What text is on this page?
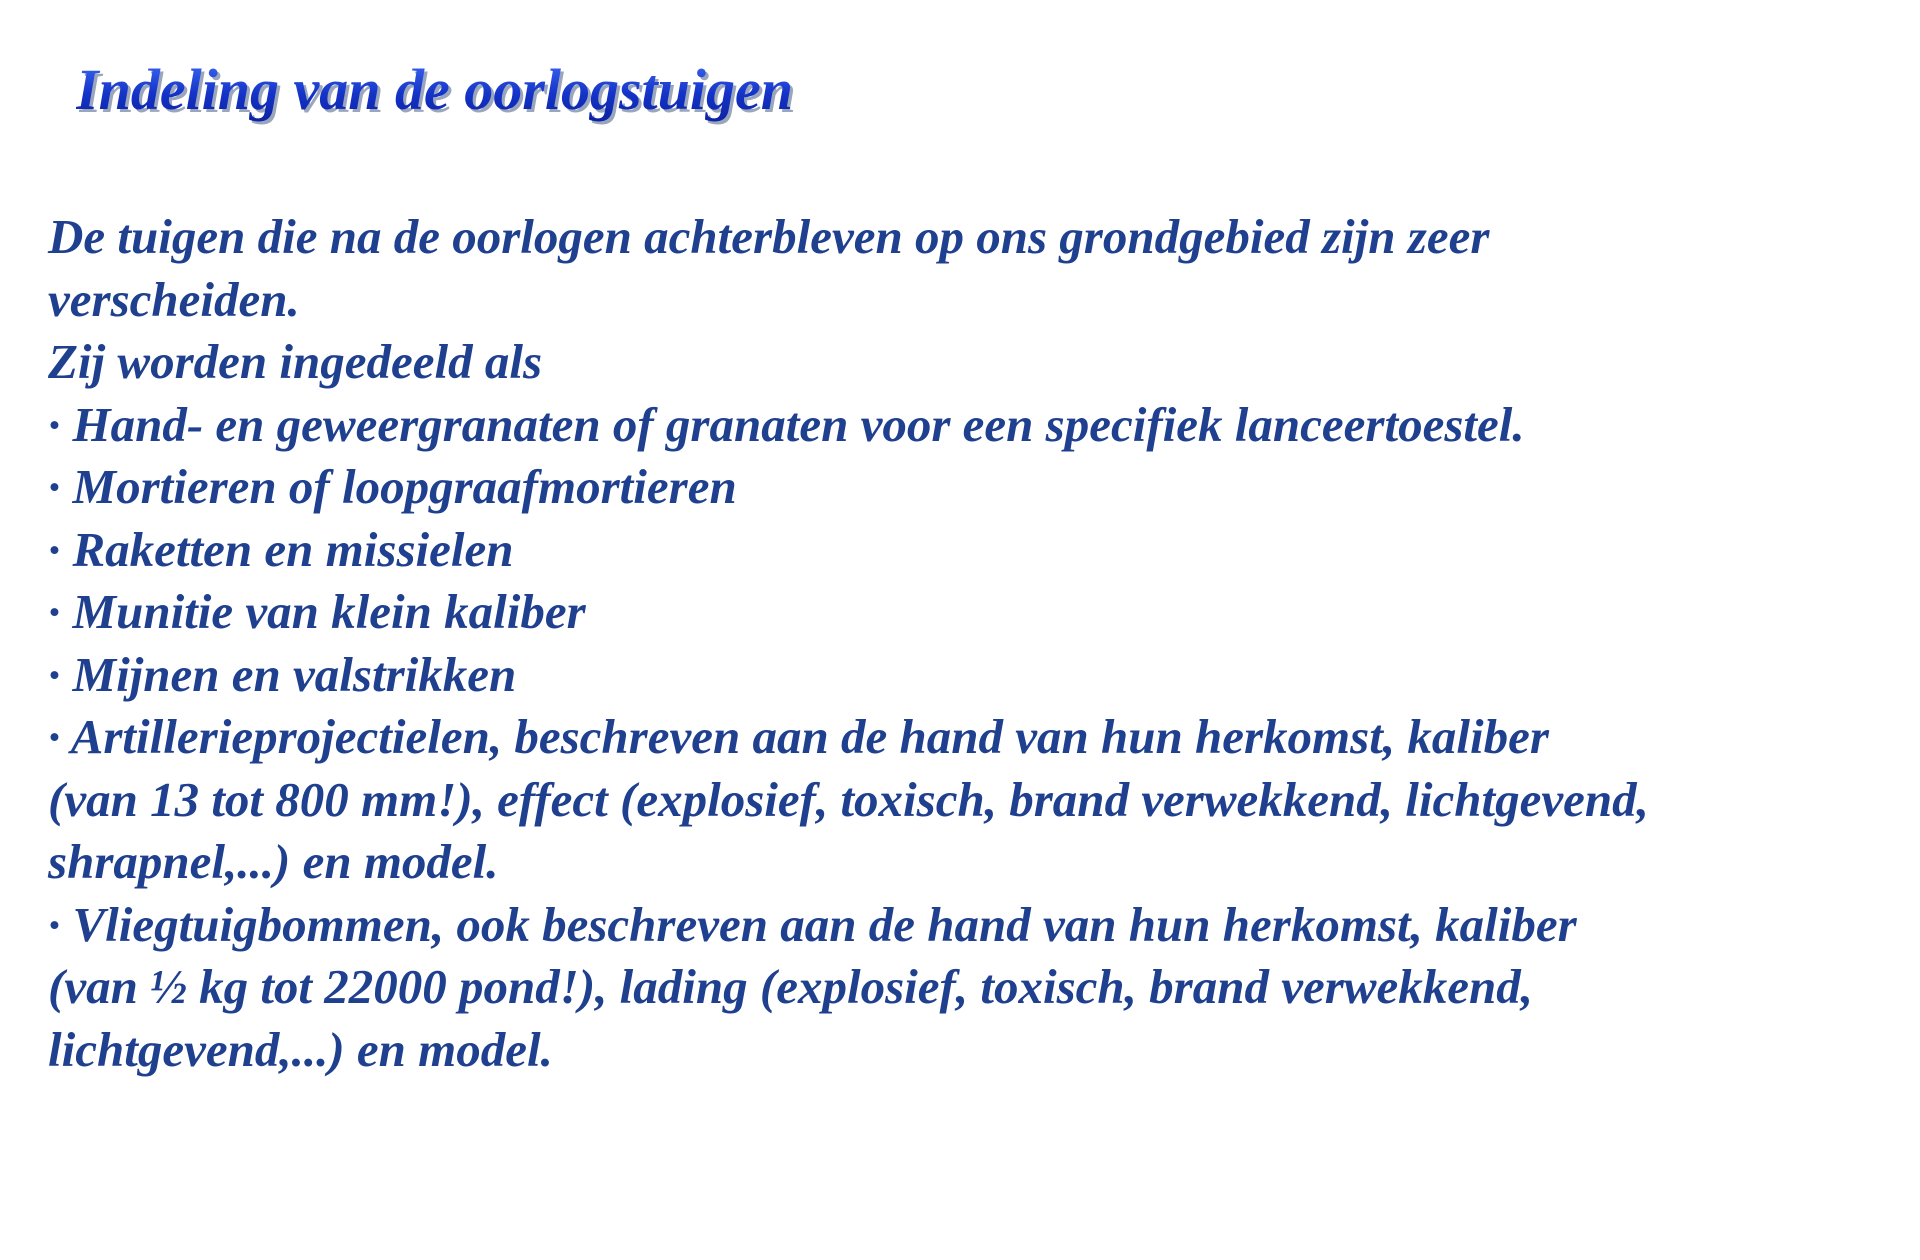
Indeling van de oorlogstuigen
De tuigen die na de oorlogen achterbleven op ons grondgebied zijn zeer
verscheiden.
Zij worden ingedeeld als
· Hand- en geweergranaten of granaten voor een specifiek lanceertoestel.
· Mortieren of loopgraafmortieren
· Raketten en missielen
· Munitie van klein kaliber
· Mijnen en valstrikken
· Artillerieprojectielen, beschreven aan de hand van hun herkomst, kaliber
(van 13 tot 800 mm!), effect (explosief, toxisch, brand verwekkend, lichtgevend,
shrapnel,...) en model.
· Vliegtuigbommen, ook beschreven aan de hand van hun herkomst, kaliber
(van ½ kg tot 22000 pond!), lading (explosief, toxisch, brand verwekkend,
lichtgevend,...) en model.
